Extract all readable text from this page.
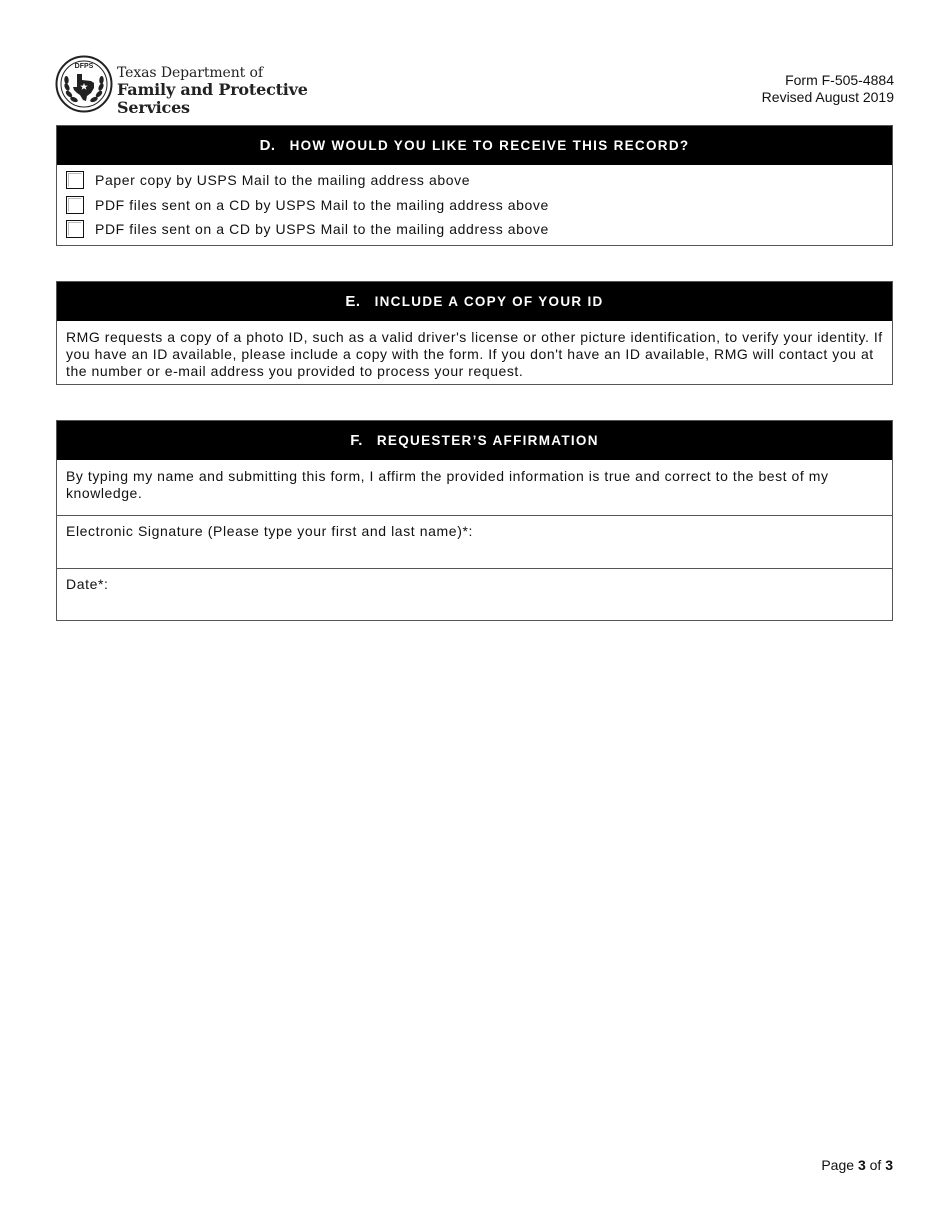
DFPS Texas Department of
Family and Protective Services
Form F-505-4884
Revised August 2019
D. HOW WOULD YOU LIKE TO RECEIVE THIS RECORD?
Paper copy by USPS Mail to the mailing address above
PDF files sent on a CD by USPS Mail to the mailing address above
PDF files sent on a CD by USPS Mail to the mailing address above
E. INCLUDE A COPY OF YOUR ID
RMG requests a copy of a photo ID, such as a valid driver's license or other picture identification, to verify your identity. If you have an ID available, please include a copy with the form. If you don't have an ID available, RMG will contact you at the number or e-mail address you provided to process your request.
F. REQUESTER’S AFFIRMATION
By typing my name and submitting this form, I affirm the provided information is true and correct to the best of my knowledge.
Electronic Signature (Please type your first and last name)*:
Date*:
Page 3 of 3
